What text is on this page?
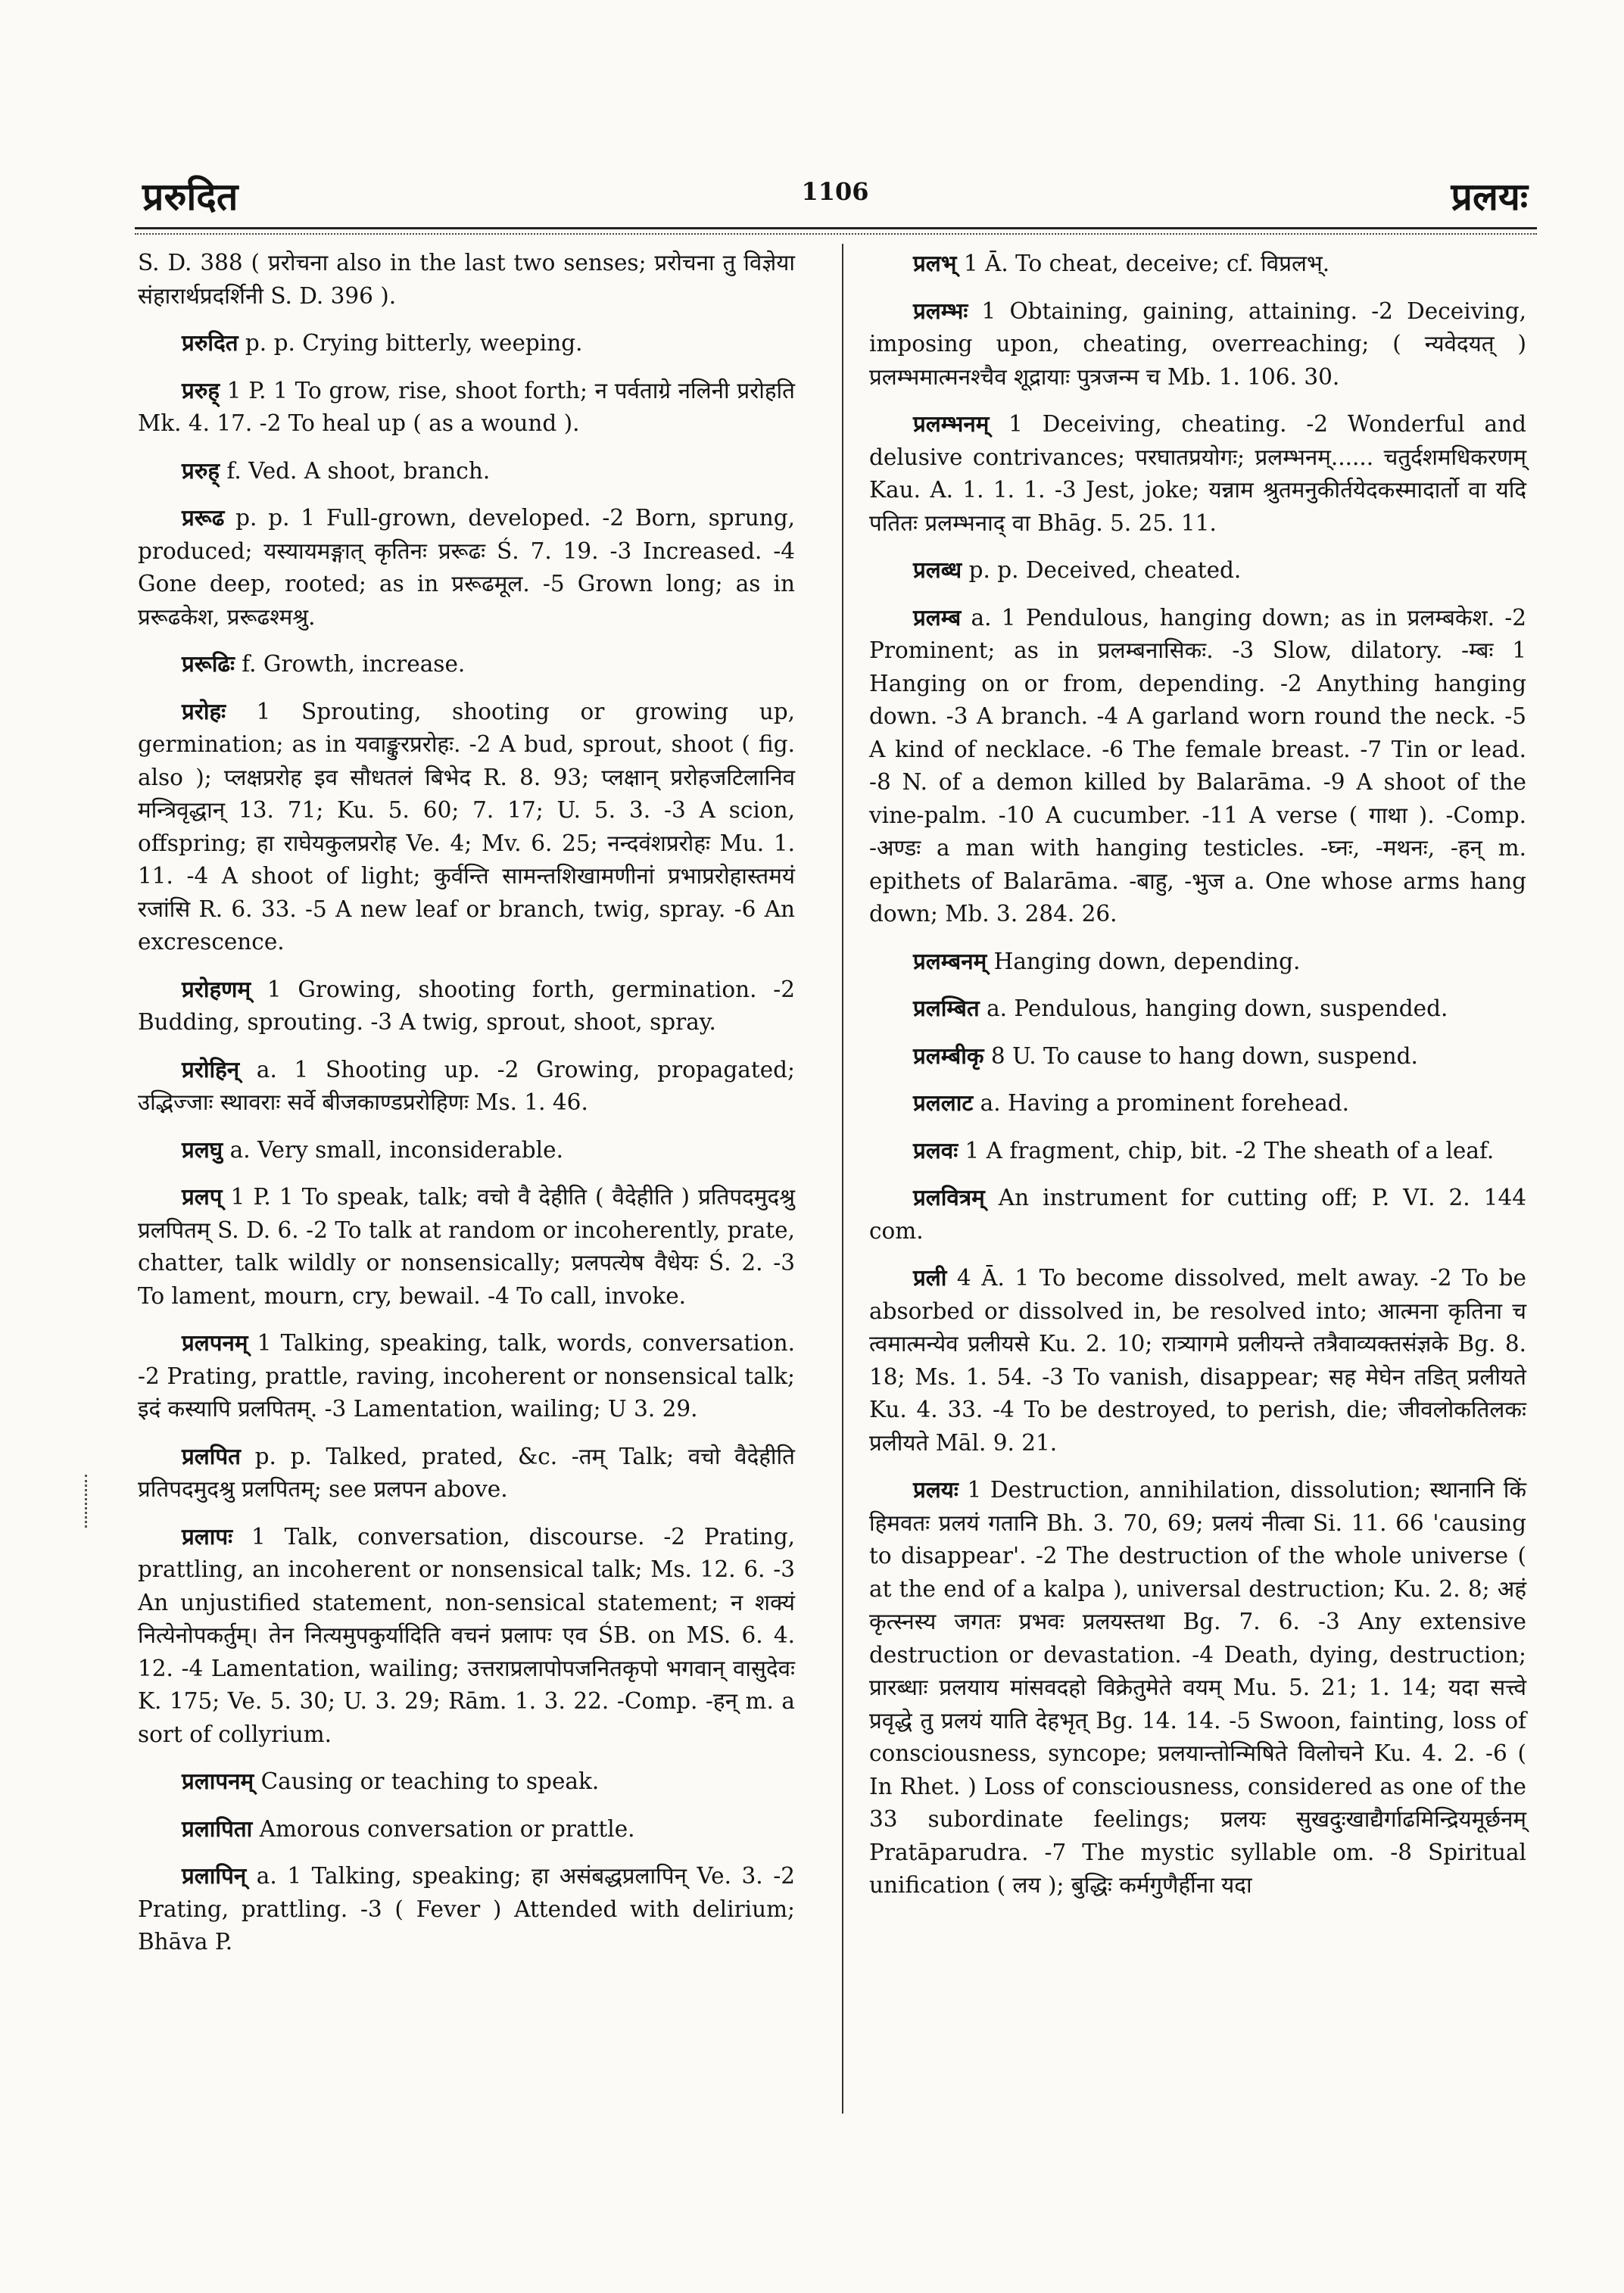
प्ररुदित	1106	प्रलयः

S. D. 388 ( प्ररोचना also in the last two senses; प्ररोचना तु विज्ञेया संहारार्थप्रदर्शिनी S. D. 396 ).

प्ररुदित p. p. Crying bitterly, weeping.

प्ररुह् 1 P. 1 To grow, rise, shoot forth; न पर्वताग्रे नलिनी प्ररोहति Mk. 4. 17. -2 To heal up ( as a wound ).

प्ररुह् f. Ved. A shoot, branch.

प्ररूढ p. p. 1 Full-grown, developed. -2 Born, sprung, produced; यस्यायमङ्गात् कृतिनः प्ररूढः Ś. 7. 19. -3 Increased. -4 Gone deep, rooted; as in प्ररूढमूल. -5 Grown long; as in प्ररूढकेश, प्ररूढश्मश्रु.

प्ररूढिः f. Growth, increase.

प्ररोहः 1 Sprouting, shooting or growing up, germination; as in यवाङ्कुरप्ररोहः. -2 A bud, sprout, shoot ( fig. also ); प्लक्षप्ररोह इव सौधतलं बिभेद R. 8. 93; प्लक्षान् प्ररोहजटिलानिव मन्त्रिवृद्धान् 13. 71; Ku. 5. 60; 7. 17; U. 5. 3. -3 A scion, offspring; हा राघेयकुलप्ररोह Ve. 4; Mv. 6. 25; नन्दवंशप्ररोहः Mu. 1. 11. -4 A shoot of light; कुर्वन्ति सामन्तशिखामणीनां प्रभाप्ररोहास्तमयं रजांसि R. 6. 33. -5 A new leaf or branch, twig, spray. -6 An excrescence.

प्ररोहणम् 1 Growing, shooting forth, germination. -2 Budding, sprouting. -3 A twig, sprout, shoot, spray.

प्ररोहिन् a. 1 Shooting up. -2 Growing, propagated; उद्भिज्जाः स्थावराः सर्वे बीजकाण्डप्ररोहिणः Ms. 1. 46.

प्रलघु a. Very small, inconsiderable.

प्रलप् 1 P. 1 To speak, talk; वचो वै देहीति ( वैदेहीति ) प्रतिपदमुदश्रु प्रलपितम् S. D. 6. -2 To talk at random or incoherently, prate, chatter, talk wildly or nonsensically; प्रलपत्येष वैधेयः Ś. 2. -3 To lament, mourn, cry, bewail. -4 To call, invoke.

प्रलपनम् 1 Talking, speaking, talk, words, conversation. -2 Prating, prattle, raving, incoherent or nonsensical talk; इदं कस्यापि प्रलपितम्. -3 Lamentation, wailing; U 3. 29.

प्रलपित p. p. Talked, prated, &c. -तम् Talk; वचो वैदेहीति प्रतिपदमुदश्रु प्रलपितम्; see प्रलपन above.

प्रलापः 1 Talk, conversation, discourse. -2 Prating, prattling, an incoherent or nonsensical talk; Ms. 12. 6. -3 An unjustified statement, non-sensical statement; न शक्यं नित्येनोपकर्तुम्। तेन नित्यमुपकुर्यादिति वचनं प्रलापः एव ŚB. on MS. 6. 4. 12. -4 Lamentation, wailing; उत्तराप्रलापोपजनितकृपो भगवान् वासुदेवः K. 175; Ve. 5. 30; U. 3. 29; Rām. 1. 3. 22. -Comp. -हन् m. a sort of collyrium.

प्रलापनम् Causing or teaching to speak.

प्रलापिता Amorous conversation or prattle.

प्रलापिन् a. 1 Talking, speaking; हा असंबद्धप्रलापिन् Ve. 3. -2 Prating, prattling. -3 ( Fever ) Attended with delirium; Bhāva P.

प्रलभ् 1 Ā. To cheat, deceive; cf. विप्रलभ्.

प्रलम्भः 1 Obtaining, gaining, attaining. -2 Deceiving, imposing upon, cheating, overreaching; ( न्यवेदयत् ) प्रलम्भमात्मनश्चैव शूद्रायाः पुत्रजन्म च Mb. 1. 106. 30.

प्रलम्भनम् 1 Deceiving, cheating. -2 Wonderful and delusive contrivances; परघातप्रयोगः; प्रलम्भनम्...... चतुर्दशमधिकरणम् Kau. A. 1. 1. 1. -3 Jest, joke; यन्नाम श्रुतमनुकीर्तयेदकस्मादार्तो वा यदि पतितः प्रलम्भनाद् वा Bhāg. 5. 25. 11.

प्रलब्ध p. p. Deceived, cheated.

प्रलम्ब a. 1 Pendulous, hanging down; as in प्रलम्बकेश. -2 Prominent; as in प्रलम्बनासिकः. -3 Slow, dilatory. -म्बः 1 Hanging on or from, depending. -2 Anything hanging down. -3 A branch. -4 A garland worn round the neck. -5 A kind of necklace. -6 The female breast. -7 Tin or lead. -8 N. of a demon killed by Balarāma. -9 A shoot of the vine-palm. -10 A cucumber. -11 A verse ( गाथा ). -Comp. -अण्डः a man with hanging testicles. -घ्नः, -मथनः, -हन् m. epithets of Balarāma. -बाहु, -भुज a. One whose arms hang down; Mb. 3. 284. 26.

प्रलम्बनम् Hanging down, depending.

प्रलम्बित a. Pendulous, hanging down, suspended.

प्रलम्बीकृ 8 U. To cause to hang down, suspend.

प्रललाट a. Having a prominent forehead.

प्रलवः 1 A fragment, chip, bit. -2 The sheath of a leaf.

प्रलवित्रम् An instrument for cutting off; P. VI. 2. 144 com.

प्रली 4 Ā. 1 To become dissolved, melt away. -2 To be absorbed or dissolved in, be resolved into; आत्मना कृतिना च त्वमात्मन्येव प्रलीयसे Ku. 2. 10; रात्र्यागमे प्रलीयन्ते तत्रैवाव्यक्तसंज्ञके Bg. 8. 18; Ms. 1. 54. -3 To vanish, disappear; सह मेघेन तडित् प्रलीयते Ku. 4. 33. -4 To be destroyed, to perish, die; जीवलोकतिलकः प्रलीयते Māl. 9. 21.

प्रलयः 1 Destruction, annihilation, dissolution; स्थानानि किं हिमवतः प्रलयं गतानि Bh. 3. 70, 69; प्रलयं नीत्वा Si. 11. 66 'causing to disappear'. -2 The destruction of the whole universe ( at the end of a kalpa ), universal destruction; Ku. 2. 8; अहं कृत्स्नस्य जगतः प्रभवः प्रलयस्तथा Bg. 7. 6. -3 Any extensive destruction or devastation. -4 Death, dying, destruction; प्रारब्धाः प्रलयाय मांसवदहो विक्रेतुमेते वयम् Mu. 5. 21; 1. 14; यदा सत्त्वे प्रवृद्धे तु प्रलयं याति देहभृत् Bg. 14. 14. -5 Swoon, fainting, loss of consciousness, syncope; प्रलयान्तोन्मिषिते विलोचने Ku. 4. 2. -6 ( In Rhet. ) Loss of consciousness, considered as one of the 33 subordinate feelings; प्रलयः सुखदुःखाद्यैर्गाढमिन्द्रियमूर्छनम् Pratāparudra. -7 The mystic syllable om. -8 Spiritual unification ( लय ); बुद्धिः कर्मगुणैर्हीना यदा
